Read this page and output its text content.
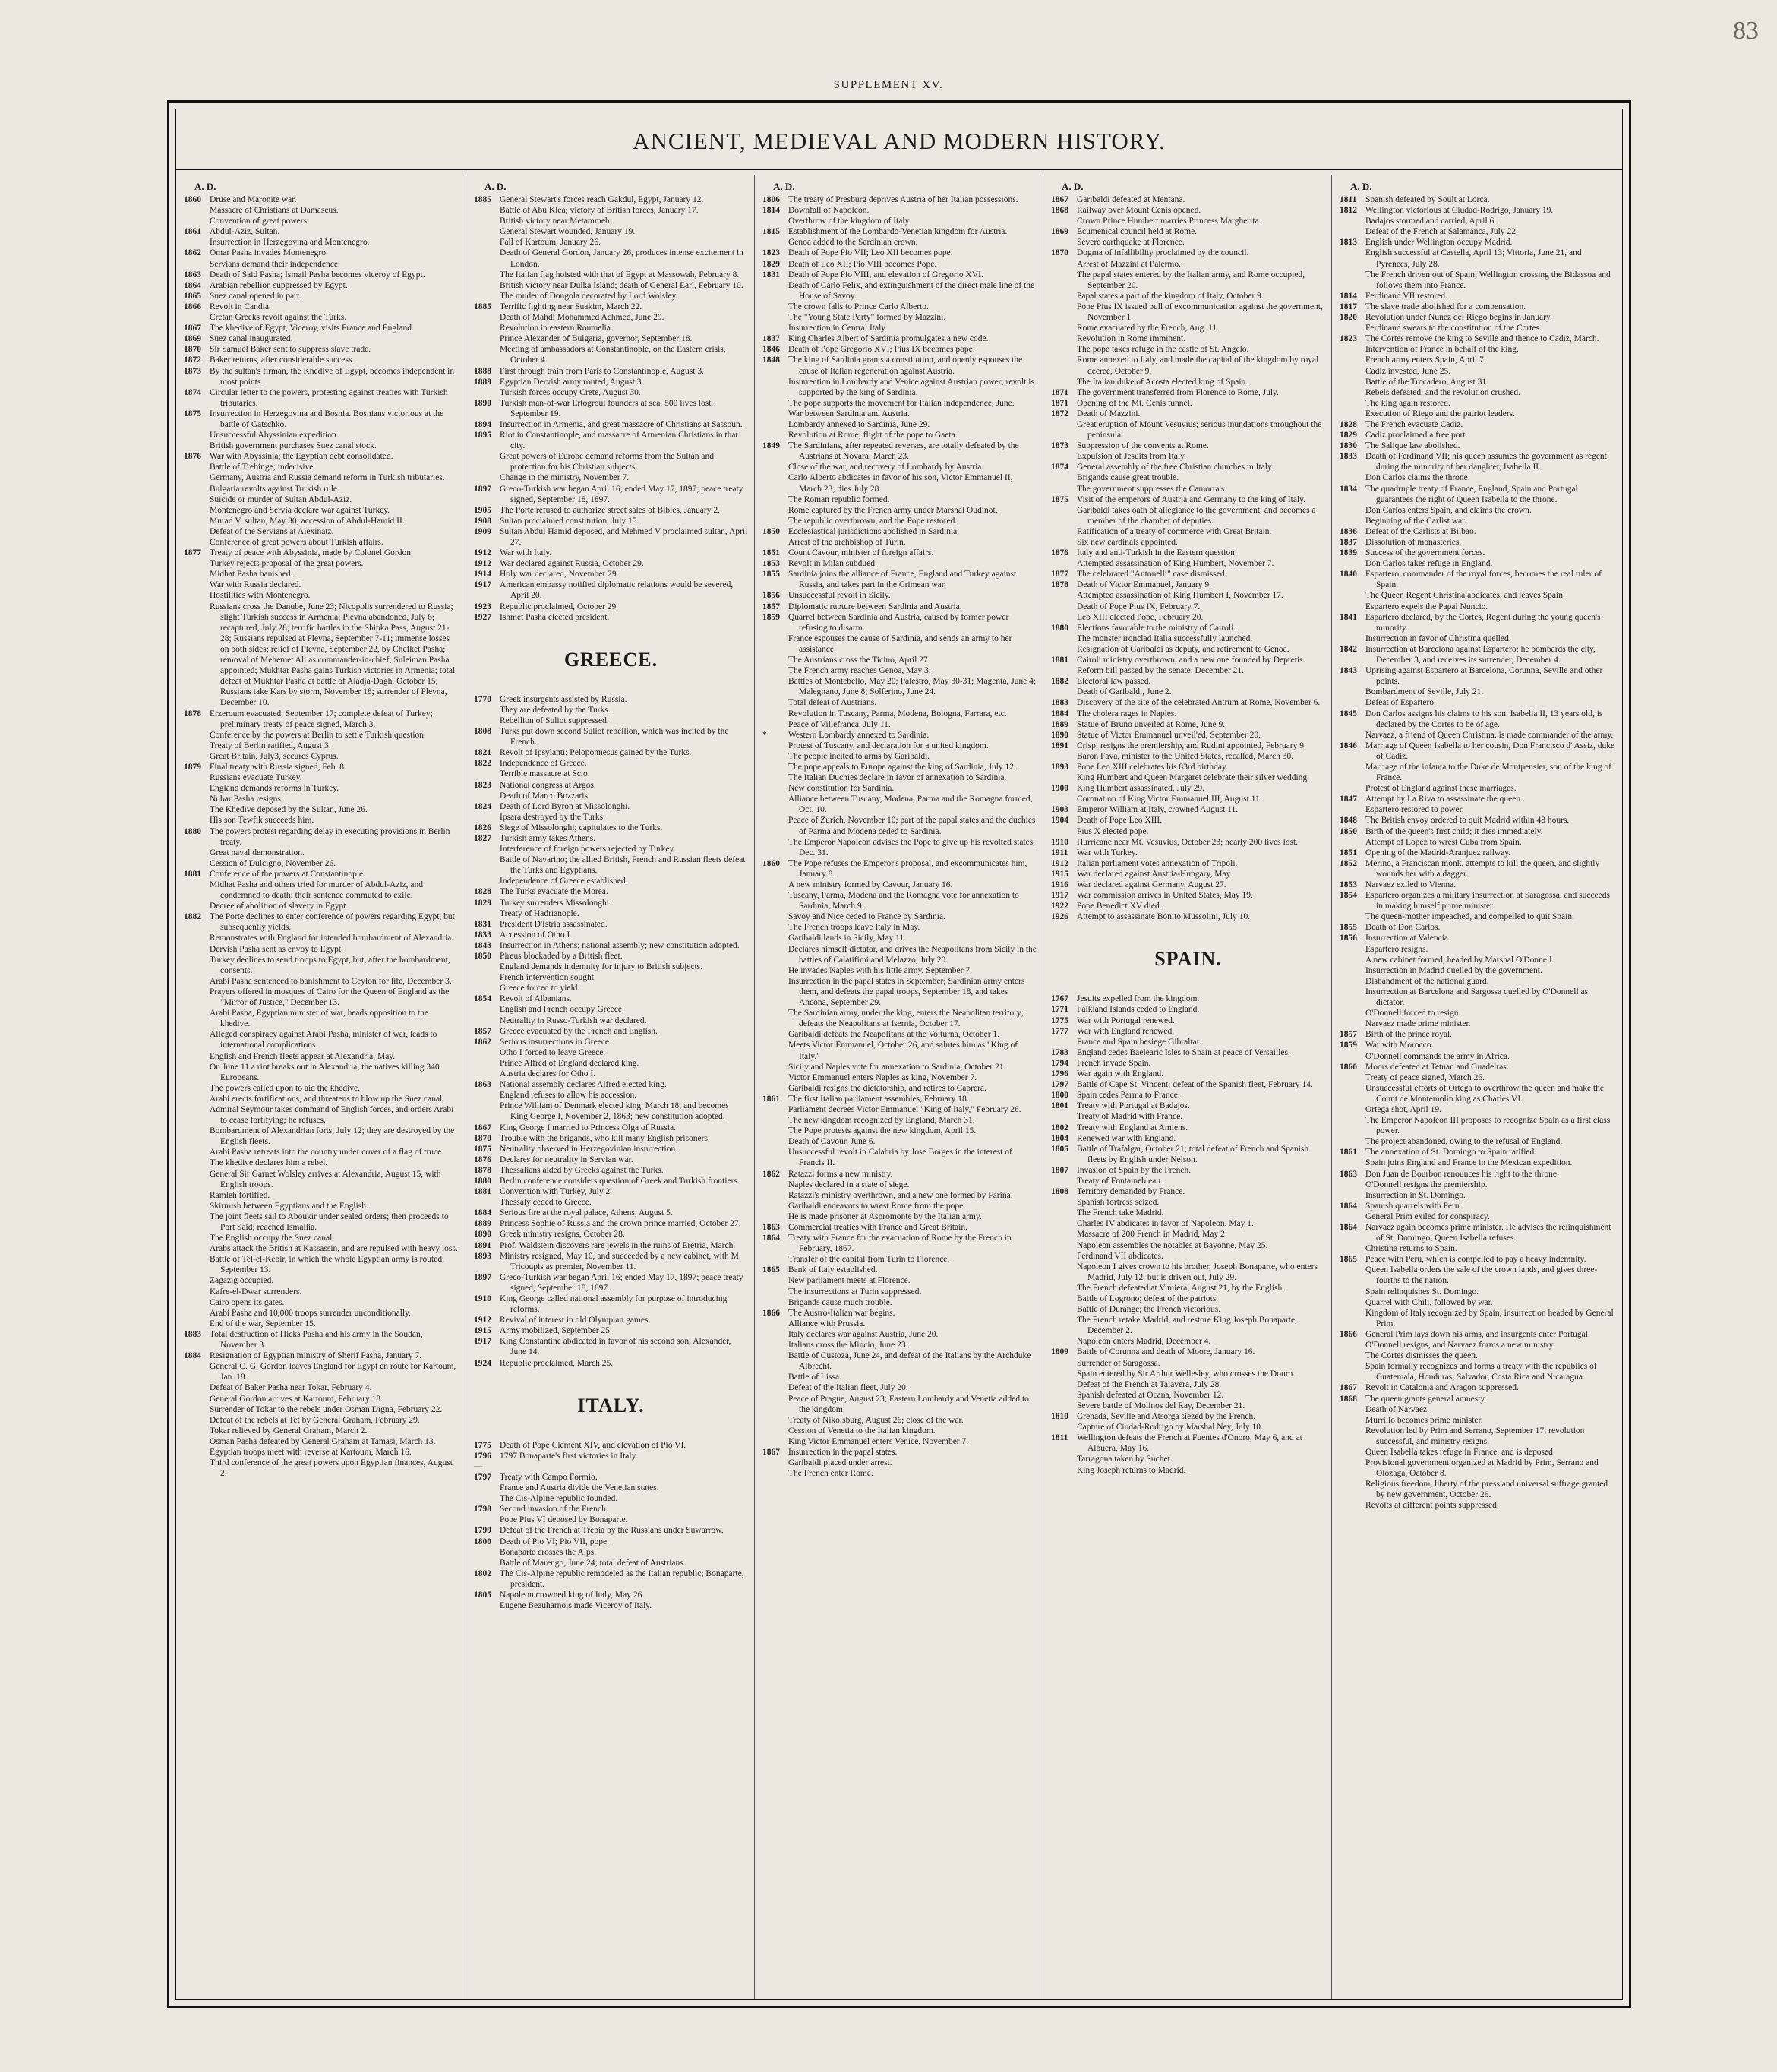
83
SUPPLEMENT XV.
ANCIENT, MEDIEVAL AND MODERN HISTORY.
A. D.
1860 Druse and Maronite war.
Massacre of Christians at Damascus.
Convention of great powers.
1861 Abdul-Aziz, Sultan.
Insurrection in Herzegovina and Montenegro.
1862 Omar Pasha invades Montenegro.
Servians demand their independence.
1863 Death of Said Pasha; Ismail Pasha becomes viceroy of Egypt.
1864 Arabian rebellion suppressed by Egypt.
1865 Suez canal opened in part.
1866 Revolt in Candia.
Cretan Greeks revolt against the Turks.
1867 The khedive of Egypt, Viceroy, visits France and England.
1869 Suez canal inaugurated.
1870 Sir Samuel Baker sent to suppress slave trade.
1872 Baker returns, after considerable success.
1873 By the sultan's firman, the Khedive of Egypt, becomes independent in most points.
1874 Circular letter to the powers, protesting against treaties with Turkish tributaries.
1875 Insurrection in Herzegovina and Bosnia. Bosnians victorious at the battle of Gatschko.
Unsuccessful Abyssinian expedition.
British government purchases Suez canal stock.
1876 War with Abyssinia; the Egyptian debt consolidated.
Battle of Trebinge; indecisive.
Germany, Austria and Russia demand reform in Turkish tributaries.
Bulgaria revolts against Turkish rule.
Suicide or murder of Sultan Abdul-Aziz.
Montenegro and Servia declare war against Turkey.
Murad V, sultan, May 30; accession of Abdul-Hamid II.
Defeat of the Servians at Alexinatz.
Conference of great powers about Turkish affairs.
1877 Treaty of peace with Abyssinia, made by Colonel Gordon.
Turkey rejects proposal of the great powers.
Midhat Pasha banished.
War with Russia declared.
Hostilities with Montenegro.
Russians cross the Danube, June 23; Nicopolis surrendered to Russia; slight Turkish success in Armenia; Plevna abandoned, July 6; recaptured, July 28; terrific battles in the Shipka Pass, August 21-28; Russians repulsed at Plevna, September 7-11; immense losses on both sides; relief of Plevna, September 22, by Chefket Pasha; removal of Mehemet Ali as commander-in-chief; Suleiman Pasha appointed; Mukhtar Pasha gains Turkish victories in Armenia; total defeat of Mukhtar Pasha at battle of Aladja-Dagh, October 15; Russians take Kars by storm, November 18; surrender of Plevna, December 10.
1878 Erzeroum evacuated, September 17; complete defeat of Turkey; preliminary treaty of peace signed, March 3.
Conference by the powers at Berlin to settle Turkish question.
Treaty of Berlin ratified, August 3.
Great Britain, July3, secures Cyprus.
1879 Final treaty with Russia signed, Feb. 8.
Russians evacuate Turkey.
England demands reforms in Turkey.
Nubar Pasha resigns.
The Khedive deposed by the Sultan, June 26.
His son Tewfik succeeds him.
1880 The powers protest regarding delay in executing provisions in Berlin treaty.
Great naval demonstration.
Cession of Dulcigno, November 26.
1881 Conference of the powers at Constantinople.
Midhat Pasha and others tried for murder of Abdul-Aziz, and condemned to death; their sentence commuted to exile.
Decree of abolition of slavery in Egypt.
1882 The Porte declines to enter conference of powers regarding Egypt, but subsequently yields.
Remonstrates with England for intended bombardment of Alexandria.
Dervish Pasha sent as envoy to Egypt.
Turkey declines to send troops to Egypt, but, after the bombardment, consents.
Arabi Pasha sentenced to banishment to Ceylon for life, December 3.
Prayers offered in mosques of Cairo for the Queen of England as the "Mirror of Justice," December 13.
Arabi Pasha, Egyptian minister of war, heads opposition to the khedive.
Alleged conspiracy against Arabi Pasha, minister of war, leads to international complications.
English and French fleets appear at Alexandria, May.
On June 11 a riot breaks out in Alexandria, the natives killing 340 Europeans.
The powers called upon to aid the khedive.
Arabi erects fortifications, and threatens to blow up the Suez canal.
Admiral Seymour takes command of English forces, and orders Arabi to cease fortifying; he refuses.
Bombardment of Alexandrian forts, July 12; they are destroyed by the English fleets.
Arabi Pasha retreats into the country under cover of a flag of truce.
The khedive declares him a rebel.
General Sir Garnet Wolsley arrives at Alexandria, August 15, with English troops.
Ramleh fortified.
Skirmish between Egyptians and the English.
The joint fleets sail to Aboukir under sealed orders; then proceeds to Port Said; reached Ismailia.
The English occupy the Suez canal.
Arabs attack the British at Kassassin, and are repulsed with heavy loss.
Battle of Tel-el-Kebir, in which the whole Egyptian army is routed, September 13.
Zagazig occupied.
Kafre-el-Dwar surrenders.
Cairo opens its gates.
Arabi Pasha and 10,000 troops surrender unconditionally.
End of the war, September 15.
1883 Total destruction of Hicks Pasha and his army in the Soudan, November 3.
1884 Resignation of Egyptian ministry of Sherif Pasha, January 7.
General C. G. Gordon leaves England for Egypt en route for Kartoum, Jan. 18.
Defeat of Baker Pasha near Tokar, February 4.
General Gordon arrives at Kartoum, February 18.
Surrender of Tokar to the rebels under Osman Digna, February 22.
Defeat of the rebels at Tet by General Graham, February 29.
Tokar relieved by General Graham, March 2.
Osman Pasha defeated by General Graham at Tamasi, March 13.
Egyptian troops meet with reverse at Kartoum, March 16.
Third conference of the great powers upon Egyptian finances, August 2.
A. D.
1885 General Stewart's forces reach Gakdul, Egypt, January 12.
Battle of Abu Klea; victory of British forces, January 17.
British victory near Metammeh.
General Stewart wounded, January 19.
Fall of Kartoum, January 26.
Death of General Gordon, January 26, produces intense excitement in London.
The Italian flag hoisted with that of Egypt at Massowah, February 8.
British victory near Dulka Island; death of General Earl, February 10.
The muder of Dongola decorated by Lord Wolsley.
1885 Terrific fighting near Suakim, March 22.
Death of Mahdi Mohammed Achmed, June 29.
Revolution in eastern Roumelia.
Prince Alexander of Bulgaria, governor, September 18.
Meeting of ambassadors at Constantinople, on the Eastern crisis, October 4.
1888 First through train from Paris to Constantinople, August 3.
1889 Egyptian Dervish army routed, August 3.
Turkish forces occupy Crete, August 30.
1890 Turkish man-of-war Ertogroul founders at sea, 500 lives lost, September 19.
1894 Insurrection in Armenia, and great massacre of Christians at Sassoun.
1895 Riot in Constantinople, and massacre of Armenian Christians in that city.
Great powers of Europe demand reforms from the Sultan and protection for his Christian subjects.
Change in the ministry, November 7.
1897 Greco-Turkish war began April 16; ended May 17, 1897; peace treaty signed, September 18, 1897.
1905 The Porte refused to authorize street sales of Bibles, January 2.
1908 Sultan proclaimed constitution, July 15.
1909 Sultan Abdul Hamid deposed, and Mehmed V proclaimed sultan, April 27.
1912 War with Italy.
1912 War declared against Russia, October 29.
1914 Holy war declared, November 29.
1917 American embassy notified diplomatic relations would be severed, April 20.
1923 Republic proclaimed, October 29.
1927 Ishmet Pasha elected president.
GREECE.
1770 Greek insurgents assisted by Russia.
They are defeated by the Turks.
Rebellion of Suliot suppressed.
1808 Turks put down second Suliot rebellion, which was incited by the French.
1821 Revolt of Ipsylanti; Peloponnesus gained by the Turks.
1822 Independence of Greece.
Terrible massacre at Scio.
1823 National congress at Argos.
Death of Marco Bozzaris.
1824 Death of Lord Byron at Missolonghi.
Ipsara destroyed by the Turks.
1826 Siege of Missolonghi; capitulates to the Turks.
1827 Turkish army takes Athens.
Interference of foreign powers rejected by Turkey.
Battle of Navarino; the allied British, French and Russian fleets defeat the Turks and Egyptians.
Independence of Greece established.
1828 The Turks evacuate the Morea.
1829 Turkey surrenders Missolonghi.
Treaty of Hadrianople.
1831 President D'Istria assassinated.
1833 Accession of Otho I.
1843 Insurrection in Athens; national assembly; new constitution adopted.
1850 Pireus blockaded by a British fleet.
England demands indemnity for injury to British subjects.
French intervention sought.
Greece forced to yield.
1854 Revolt of Albanians.
English and French occupy Greece.
Neutrality in Russo-Turkish war declared.
1857 Greece evacuated by the French and English.
1862 Serious insurrections in Greece.
Otho I forced to leave Greece.
Prince Alfred of England declared king.
Austria declares for Otho I.
1863 National assembly declares Alfred elected king.
England refuses to allow his accession.
Prince William of Denmark elected king, March 18, and becomes King George I, November 2, 1863; new constitution adopted.
1867 King George I married to Princess Olga of Russia.
1870 Trouble with the brigands, who kill many English prisoners.
1875 Neutrality observed in Herzegovinian insurrection.
1876 Declares for neutrality in Servian war.
1878 Thessalians aided by Greeks against the Turks.
1880 Berlin conference considers question of Greek and Turkish frontiers.
1881 Convention with Turkey, July 2.
Thessaly ceded to Greece.
1884 Serious fire at the royal palace, Athens, August 5.
1889 Princess Sophie of Russia and the crown prince married, October 27.
1890 Greek ministry resigns, October 28.
1891 Prof. Waldstein discovers rare jewels in the ruins of Eretria, March.
1893 Ministry resigned, May 10, and succeeded by a new cabinet, with M. Tricoupis as premier, November 11.
1897 Greco-Turkish war began April 16; ended May 17, 1897; peace treaty signed, September 18, 1897.
1910 King George called national assembly for purpose of introducing reforms.
1912 Revival of interest in old Olympian games.
1915 Army mobilized, September 25.
1917 King Constantine abdicated in favor of his second son, Alexander, June 14.
1924 Republic proclaimed, March 25.
ITALY.
1775 Death of Pope Clement XIV, and elevation of Pio VI.
1796—
1797 Bonaparte's first victories in Italy.
1797 Treaty with Campo Formio.
France and Austria divide the Venetian states.
The Cis-Alpine republic founded.
1798 Second invasion of the French.
Pope Pius VI deposed by Bonaparte.
1799 Defeat of the French at Trebia by the Russians under Suwarrow.
1800 Death of Pio VI; Pio VII, pope.
Bonaparte crosses the Alps.
Battle of Marengo, June 24; total defeat of Austrians.
1802 The Cis-Alpine republic remodeled as the Italian republic; Bonaparte, president.
1805 Napoleon crowned king of Italy, May 26.
Eugene Beauharnois made Viceroy of Italy.
A. D.
1806 The treaty of Presburg deprives Austria of her Italian possessions.
1814 Downfall of Napoleon.
Overthrow of the kingdom of Italy.
1815 Establishment of the Lombardo-Venetian kingdom for Austria.
Genoa added to the Sardinian crown.
1823 Death of Pope Pio VII; Leo XII becomes pope.
1829 Death of Leo XII; Pio VIII becomes Pope.
1831 Death of Pope Pio VIII, and elevation of Gregorio XVI.
Death of Carlo Felix, and extinguishment of the direct male line of the House of Savoy.
The crown falls to Prince Carlo Alberto.
The "Young State Party" formed by Mazzini.
Insurrection in Central Italy.
1837 King Charles Albert of Sardinia promulgates a new code.
1846 Death of Pope Gregorio XVI; Pius IX becomes pope.
1848 The king of Sardinia grants a constitution, and openly espouses the cause of Italian regeneration against Austria.
Insurrection in Lombardy and Venice against Austrian power; revolt is supported by the king of Sardinia.
The pope supports the movement for Italian independence, June.
War between Sardinia and Austria.
Lombardy annexed to Sardinia, June 29.
Revolution at Rome; flight of the pope to Gaeta.
1849 The Sardinians, after repeated reverses, are totally defeated by the Austrians at Novara, March 23.
Close of the war, and recovery of Lombardy by Austria.
Carlo Alberto abdicates in favor of his son, Victor Emmanuel II, March 23; dies July 28.
The Roman republic formed.
Rome captured by the French army under Marshal Oudinot.
The republic overthrown, and the Pope restored.
1850 Ecclesiastical jurisdictions abolished in Sardinia.
Arrest of the archbishop of Turin.
1851 Count Cavour, minister of foreign affairs.
1853 Revolt in Milan subdued.
1855 Sardinia joins the alliance of France, England and Turkey against Russia, and takes part in the Crimean war.
1856 Unsuccessful revolt in Sicily.
1857 Diplomatic rupture between Sardinia and Austria.
1859 Quarrel between Sardinia and Austria, caused by former power refusing to disarm.
France espouses the cause of Sardinia, and sends an army to her assistance.
The Austrians cross the Ticino, April 27.
The French army reaches Genoa, May 3.
Battles of Montebello, May 20; Palestro, May 30-31; Magenta, June 4; Malegnano, June 8; Solferino, June 24.
Total defeat of Austrians.
Revolution in Tuscany, Parma, Modena, Bologna, Farrara, etc.
Peace of Villefranca, July 11.
*	Western Lombardy annexed to Sardinia.
Protest of Tuscany, and declaration for a united kingdom.
The people incited to arms by Garibaldi.
The pope appeals to Europe against the king of Sardinia, July 12.
The Italian Duchies declare in favor of annexation to Sardinia.
New constitution for Sardinia.
Alliance between Tuscany, Modena, Parma and the Romagna formed, Oct. 10.
Peace of Zurich, November 10; part of the papal states and the duchies of Parma and Modena ceded to Sardinia.
The Emperor Napoleon advises the Pope to give up his revolted states, Dec. 31.
1860 The Pope refuses the Emperor's proposal, and excommunicates him, January 8.
A new ministry formed by Cavour, January 16.
Tuscany, Parma, Modena and the Romagna vote for annexation to Sardinia, March 9.
Savoy and Nice ceded to France by Sardinia.
The French troops leave Italy in May.
Garibaldi lands in Sicily, May 11.
Declares himself dictator, and drives the Neapolitans from Sicily in the battles of Calatifimi and Melazzo, July 20.
He invades Naples with his little army, September 7.
Insurrection in the papal states in September; Sardinian army enters them, and defeats the papal troops, September 18, and takes Ancona, September 29.
The Sardinian army, under the king, enters the Neapolitan territory; defeats the Neapolitans at Isernia, October 17.
Garibaldi defeats the Neapolitans at the Volturna, October 1.
Meets Victor Emmanuel, October 26, and salutes him as "King of Italy."
Sicily and Naples vote for annexation to Sardinia, October 21.
Victor Emmanuel enters Naples as king, November 7.
Garibaldi resigns the dictatorship, and retires to Caprera.
1861 The first Italian parliament assembles, February 18.
Parliament decrees Victor Emmanuel "King of Italy," February 26.
The new kingdom recognized by England, March 31.
The Pope protests against the new kingdom, April 15.
Death of Cavour, June 6.
Unsuccessful revolt in Calabria by Jose Borges in the interest of Francis II.
1862 Ratazzi forms a new ministry.
Naples declared in a state of siege.
Ratazzi's ministry overthrown, and a new one formed by Farina.
Garibaldi endeavors to wrest Rome from the pope.
He is made prisoner at Aspromonte by the Italian army.
1863 Commercial treaties with France and Great Britain.
1864 Treaty with France for the evacuation of Rome by the French in February, 1867.
Transfer of the capital from Turin to Florence.
1865 Bank of Italy established.
New parliament meets at Florence.
The insurrections at Turin suppressed.
Brigands cause much trouble.
1866 The Austro-Italian war begins.
Alliance with Prussia.
Italy declares war against Austria, June 20.
Italians cross the Mincio, June 23.
Battle of Custoza, June 24, and defeat of the Italians by the Archduke Albrecht.
Battle of Lissa.
Defeat of the Italian fleet, July 20.
Peace of Prague, August 23; Eastern Lombardy and Venetia added to the kingdom.
Treaty of Nikolsburg, August 26; close of the war.
Cession of Venetia to the Italian kingdom.
King Victor Emmanuel enters Venice, November 7.
1867 Insurrection in the papal states.
Garibaldi placed under arrest.
The French enter Rome.
A. D.
1867 Garibaldi defeated at Mentana.
1868 Railway over Mount Cenis opened.
Crown Prince Humbert marries Princess Margherita.
1869 Ecumenical council held at Rome.
Severe earthquake at Florence.
1870 Dogma of infallibility proclaimed by the council.
Arrest of Mazzini at Palermo.
The papal states entered by the Italian army, and Rome occupied, September 20.
Papal states a part of the kingdom of Italy, October 9.
Pope Pius IX issued bull of excommunication against the government, November 1.
Rome evacuated by the French, Aug. 11.
Revolution in Rome imminent.
The pope takes refuge in the castle of St. Angelo.
Rome annexed to Italy, and made the capital of the kingdom by royal decree, October 9.
The Italian duke of Acosta elected king of Spain.
1871 The government transferred from Florence to Rome, July.
1871 Opening of the Mt. Cenis tunnel.
1872 Death of Mazzini.
Great eruption of Mount Vesuvius; serious inundations throughout the peninsula.
1873 Suppression of the convents at Rome.
Expulsion of Jesuits from Italy.
1874 General assembly of the free Christian churches in Italy.
Brigands cause great trouble.
The government suppresses the Camorra's.
1875 Visit of the emperors of Austria and Germany to the king of Italy.
Garibaldi takes oath of allegiance to the government, and becomes a member of the chamber of deputies.
Ratification of a treaty of commerce with Great Britain.
Six new cardinals appointed.
1876 Italy and anti-Turkish in the Eastern question.
Attempted assassination of King Humbert, November 7.
1877 The celebrated "Antonelli" case dismissed.
1878 Death of Victor Emmanuel, January 9.
Attempted assassination of King Humbert I, November 17.
Death of Pope Pius IX, February 7.
Leo XIII elected Pope, February 20.
1880 Elections favorable to the ministry of Cairoli.
The monster ironclad Italia successfully launched.
Resignation of Garibaldi as deputy, and retirement to Genoa.
1881 Cairoli ministry overthrown, and a new one founded by Depretis.
Reform bill passed by the senate, December 21.
1882 Electoral law passed.
Death of Garibaldi, June 2.
1883 Discovery of the site of the celebrated Antrum at Rome, November 6.
1884 The cholera rages in Naples.
1889 Statue of Bruno unveiled at Rome, June 9.
1890 Statue of Victor Emmanuel unveil'ed, September 20.
1891 Crispi resigns the premiership, and Rudini appointed, February 9.
Baron Fava, minister to the United States, recalled, March 30.
1893 Pope Leo XIII celebrates his 83rd birthday.
King Humbert and Queen Margaret celebrate their silver wedding.
1900 King Humbert assassinated, July 29.
Coronation of King Victor Emmanuel III, August 11.
1903 Emperor William at Italy, crowned August 11.
1904 Death of Pope Leo XIII.
Pius X elected pope.
1910 Hurricane near Mt. Vesuvius, October 23; nearly 200 lives lost.
1911	War with Turkey.
1912 Italian parliament votes annexation of Tripoli.
1915 War declared against Austria-Hungary, May.
1916 War declared against Germany, August 27.
1917 War commission arrives in United States, May 19.
1922 Pope Benedict XV died.
1926 Attempt to assassinate Bonito Mussolini, July 10.
SPAIN.
1767 Jesuits expelled from the kingdom.
1771 Falkland Islands ceded to England.
1775 War with Portugal renewed.
1777 War with England renewed.
France and Spain besiege Gibraltar.
1783 England cedes Baelearic Isles to Spain at peace of Versailles.
1794 French invade Spain.
1796 War again with England.
1797 Battle of Cape St. Vincent; defeat of the Spanish fleet, February 14.
1800 Spain cedes Parma to France.
1801 Treaty with Portugal at Badajos.
Treaty of Madrid with France.
1802 Treaty with England at Amiens.
1804 Renewed war with England.
1805 Battle of Trafalgar, October 21; total defeat of French and Spanish fleets by English under Nelson.
1807 Invasion of Spain by the French.
Treaty of Fontainebleau.
1808 Territory demanded by France.
Spanish fortress seized.
The French take Madrid.
Charles IV abdicates in favor of Napoleon, May 1.
Massacre of 200 French in Madrid, May 2.
Napoleon assembles the notables at Bayonne, May 25.
Ferdinand VII abdicates.
Napoleon I gives crown to his brother, Joseph Bonaparte, who enters Madrid, July 12, but is driven out, July 29.
The French defeated at Vimiera, August 21, by the English.
Battle of Logrono; defeat of the patriots.
Battle of Durange; the French victorious.
The French retake Madrid, and restore King Joseph Bonaparte, December 2.
Napoleon enters Madrid, December 4.
1809 Battle of Corunna and death of Moore, January 16.
Surrender of Saragossa.
Spain entered by Sir Arthur Wellesley, who crosses the Douro.
Defeat of the French at Talavera, July 28.
Spanish defeated at Ocana, November 12.
Severe battle of Molinos del Ray, December 21.
1810 Grenada, Seville and Atsorga siezed by the French.
Capture of Ciudad-Rodrigo by Marshal Ney, July 10.
1811	Wellington defeats the French at Fuentes d'Onoro, May 6, and at Albuera, May 16.
Tarragona taken by Suchet.
King Joseph returns to Madrid.
A. D.
1811	Spanish defeated by Soult at Lorca.
1812 Wellington victorious at Ciudad-Rodrigo, January 19.
Badajos stormed and carried, April 6.
Defeat of the French at Salamanca, July 22.
1813 English under Wellington occupy Madrid.
English successful at Castella, April 13; Vittoria, June 21, and Pyrenees, July 28.
The French driven out of Spain; Wellington crossing the Bidassoa and follows them into France.
1814 Ferdinand VII restored.
1817 The slave trade abolished for a compensation.
1820 Revolution under Nunez del Riego begins in January.
Ferdinand swears to the constitution of the Cortes.
1823 The Cortes remove the king to Seville and thence to Cadiz, March.
Intervention of France in behalf of the king.
French army enters Spain, April 7.
Cadiz invested, June 25.
Battle of the Trocadero, August 31.
Rebels defeated, and the revolution crushed.
The king again restored.
Execution of Riego and the patriot leaders.
1828 The French evacuate Cadiz.
1829 Cadiz proclaimed a free port.
1830 The Salique law abolished.
1833 Death of Ferdinand VII; his queen assumes the government as regent during the minority of her daughter, Isabella II.
Don Carlos claims the throne.
1834 The quadruple treaty of France, England, Spain and Portugal guarantees the right of Queen Isabella to the throne.
Don Carlos enters Spain, and claims the crown.
Beginning of the Carlist war.
1836 Defeat of the Carlists at Bilbao.
1837 Dissolution of monasteries.
1839 Success of the government forces.
Don Carlos takes refuge in England.
1840 Espartero, commander of the royal forces, becomes the real ruler of Spain.
The Queen Regent Christina abdicates, and leaves Spain.
Espartero expels the Papal Nuncio.
1841 Espartero declared, by the Cortes, Regent during the young queen's minority.
Insurrection in favor of Christina quelled.
1842 Insurrection at Barcelona against Espartero; he bombards the city, December 3, and receives its surrender, December 4.
1843 Uprising against Espartero at Barcelona, Corunna, Seville and other points.
Bombardment of Seville, July 21.
Defeat of Espartero.
1845 Don Carlos assigns his claims to his son. Isabella II, 13 years old, is declared by the Cortes to be of age.
Narvaez, a friend of Queen Christina. is made commander of the army.
1846 Marriage of Queen Isabella to her cousin, Don Francisco d' Assiz, duke of Cadiz.
Marriage of the infanta to the Duke de Montpensier, son of the king of France.
Protest of England against these marriages.
1847 Attempt by La Riva to assassinate the queen.
Espartero restored to power.
1848 The British envoy ordered to quit Madrid within 48 hours.
1850 Birth of the queen's first child; it dies immediately.
Attempt of Lopez to wrest Cuba from Spain.
1851 Opening of the Madrid-Aranjuez railway.
1852 Merino, a Franciscan monk, attempts to kill the queen, and slightly wounds her with a dagger.
1853 Narvaez exiled to Vienna.
1854 Espartero organizes a military insurrection at Saragossa, and succeeds in making himself prime minister.
The queen-mother impeached, and compelled to quit Spain.
1855 Death of Don Carlos.
1856 Insurrection at Valencia.
Espartero resigns.
A new cabinet formed, headed by Marshal O'Donnell.
Insurrection in Madrid quelled by the government.
Disbandment of the national guard.
Insurrection at Barcelona and Sargossa quelled by O'Donnell as dictator.
O'Donnell forced to resign.
Narvaez made prime minister.
1857 Birth of the prince royal.
1859 War with Morocco.
O'Donnell commands the army in Africa.
1860 Moors defeated at Tetuan and Guadelras.
Treaty of peace signed, March 26.
Unsuccessful efforts of Ortega to overthrow the queen and make the Count de Montemolin king as Charles VI.
Ortega shot, April 19.
The Emperor Napoleon III proposes to recognize Spain as a first class power.
The project abandoned, owing to the refusal of England.
1861 The annexation of St. Domingo to Spain ratified.
Spain joins England and France in the Mexican expedition.
1863 Don Juan de Bourbon renounces his right to the throne.
O'Donnell resigns the premiership.
Insurrection in St. Domingo.
1864 Spanish quarrels with Peru.
General Prim exiled for conspiracy.
1864 Narvaez again becomes prime minister. He advises the relinquishment of St. Domingo; Queen Isabella refuses.
Christina returns to Spain.
1865 Peace with Peru, which is compelled to pay a heavy indemnity.
Queen Isabella orders the sale of the crown lands, and gives three-fourths to the nation.
Spain relinquishes St. Domingo.
Quarrel with Chili, followed by war.
Kingdom of Italy recognized by Spain; insurrection headed by General Prim.
1866 General Prim lays down his arms, and insurgents enter Portugal.
O'Donnell resigns, and Narvaez forms a new ministry.
The Cortes dismisses the queen.
Spain formally recognizes and forms a treaty with the republics of Guatemala, Honduras, Salvador, Costa Rica and Nicaragua.
1867 Revolt in Catalonia and Aragon suppressed.
1868 The queen grants general amnesty.
Death of Narvaez.
Murrillo becomes prime minister.
Revolution led by Prim and Serrano, September 17; revolution successful, and ministry resigns.
Queen Isabella takes refuge in France, and is deposed.
Provisional government organized at Madrid by Prim, Serrano and Olozaga, October 8.
Religious freedom, liberty of the press and universal suffrage granted by new government, October 26.
Revolts at different points suppressed.
